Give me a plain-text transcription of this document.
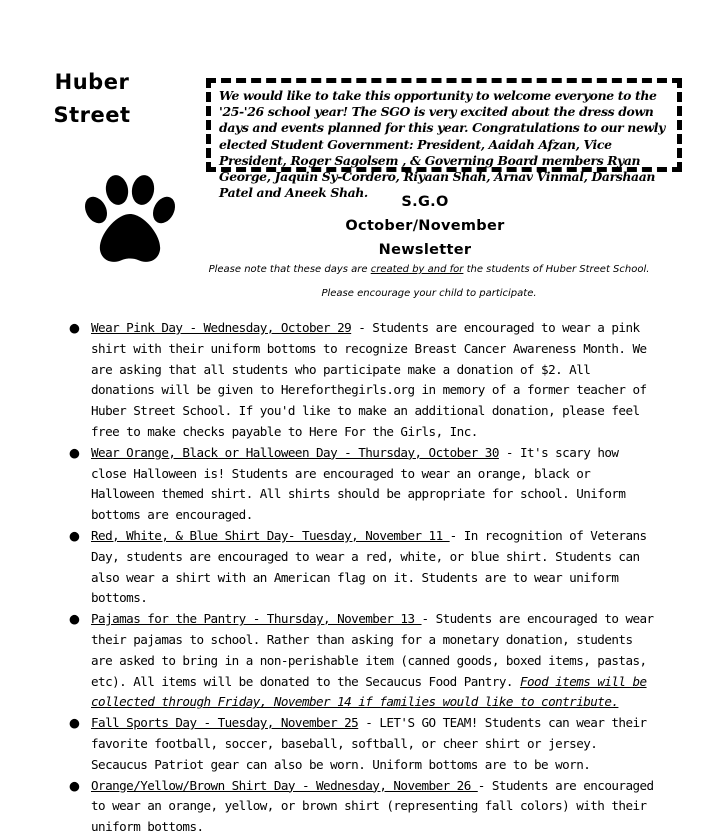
Huber
Street
We would like to take this opportunity to welcome everyone to the '25-'26 school year! The SGO is very excited about the dress down days and events planned for this year. Congratulations to our newly elected Student Government: President, Aaidah Afzan, Vice President, Roger Sagolsem , & Governing Board members Ryan George, Jaquin Sy-Cordero, Riyaan Shah, Arnav Vinmal, Darshaan Patel and Aneek Shah.
S.G.O
October/November
Newsletter
Please note that these days are created by and for the students of Huber Street School. Please encourage your child to participate.
● Wear Pink Day - Wednesday, October 29 - Students are encouraged to wear a pink shirt with their uniform bottoms to recognize Breast Cancer Awareness Month. We are asking that all students who participate make a donation of $2. All donations will be given to Hereforthegirls.org in memory of a former teacher of Huber Street School. If you'd like to make an additional donation, please feel free to make checks payable to Here For the Girls, Inc.
● Wear Orange, Black or Halloween Day - Thursday, October 30 - It's scary how close Halloween is! Students are encouraged to wear an orange, black or Halloween themed shirt. All shirts should be appropriate for school. Uniform bottoms are encouraged.
● Red, White, & Blue Shirt Day- Tuesday, November 11 - In recognition of Veterans Day, students are encouraged to wear a red, white, or blue shirt. Students can also wear a shirt with an American flag on it. Students are to wear uniform bottoms.
● Pajamas for the Pantry - Thursday, November 13 - Students are encouraged to wear their pajamas to school. Rather than asking for a monetary donation, students are asked to bring in a non-perishable item (canned goods, boxed items, pastas, etc). All items will be donated to the Secaucus Food Pantry. Food items will be collected through Friday, November 14 if families would like to contribute.
● Fall Sports Day - Tuesday, November 25 - LET'S GO TEAM! Students can wear their favorite football, soccer, baseball, softball, or cheer shirt or jersey. Secaucus Patriot gear can also be worn. Uniform bottoms are to be worn.
● Orange/Yellow/Brown Shirt Day - Wednesday, November 26 - Students are encouraged to wear an orange, yellow, or brown shirt (representing fall colors) with their uniform bottoms.
